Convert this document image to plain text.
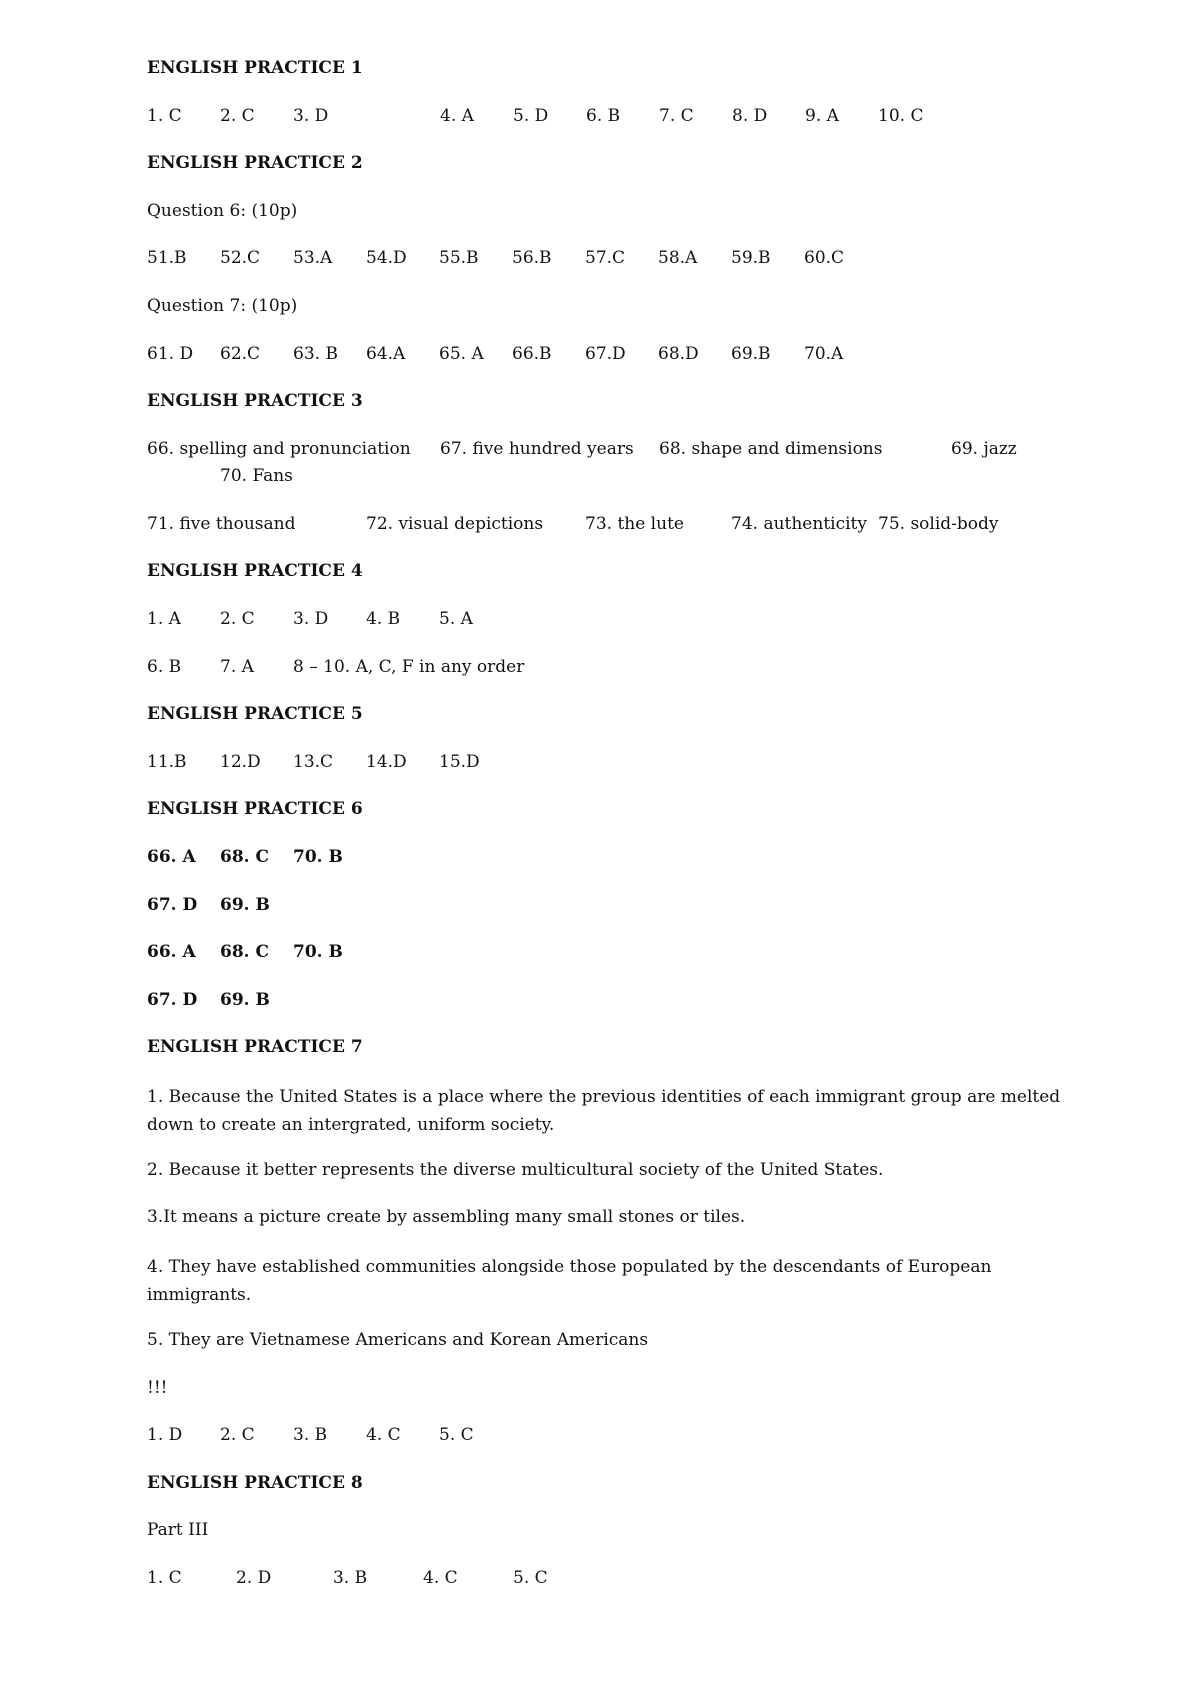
ENGLISH PRACTICE 1
1. C 2. C 3. D	4. A 5. D 6. B 7. C 8. D 9. A 10. C
ENGLISH PRACTICE 2
Question 6: (10p)
51.B 52.C 53.A 54.D 55.B 56.B 57.C 58.A 59.B 60.C
Question 7: (10p)
61. D 62.C 63. B 64.A 65. A 66.B 67.D 68.D 69.B 70.A
ENGLISH PRACTICE 3
66. spelling and pronunciation 67. five hundred years 68. shape and dimensions	69. jazz
70. Fans
71. five thousand	72. visual depictions 73. the lute	74. authenticity 75. solid-body
ENGLISH PRACTICE 4
1. A 2. C 3. D 4. B 5. A
6. B 7. A 8 – 10. A, C, F in any order
ENGLISH PRACTICE 5
11.B 12.D 13.C 14.D 15.D
ENGLISH PRACTICE 6
66. A 68. C 70. B
67. D 69. B
66. A 68. C 70. B
67. D 69. B
ENGLISH PRACTICE 7
1. Because the United States is a place where the previous identities of each immigrant group are melted down to create an intergrated, uniform society.
2. Because it better represents the diverse multicultural society of the United States.
3.It means a picture create by assembling many small stones or tiles.
4. They have established communities alongside those populated by the descendants of European immigrants.
5. They are Vietnamese Americans and Korean Americans
!!!
1. D 2. C 3. B 4. C 5. C
ENGLISH PRACTICE 8
Part III
1. C	2. D	3. B	4. C	5. C
